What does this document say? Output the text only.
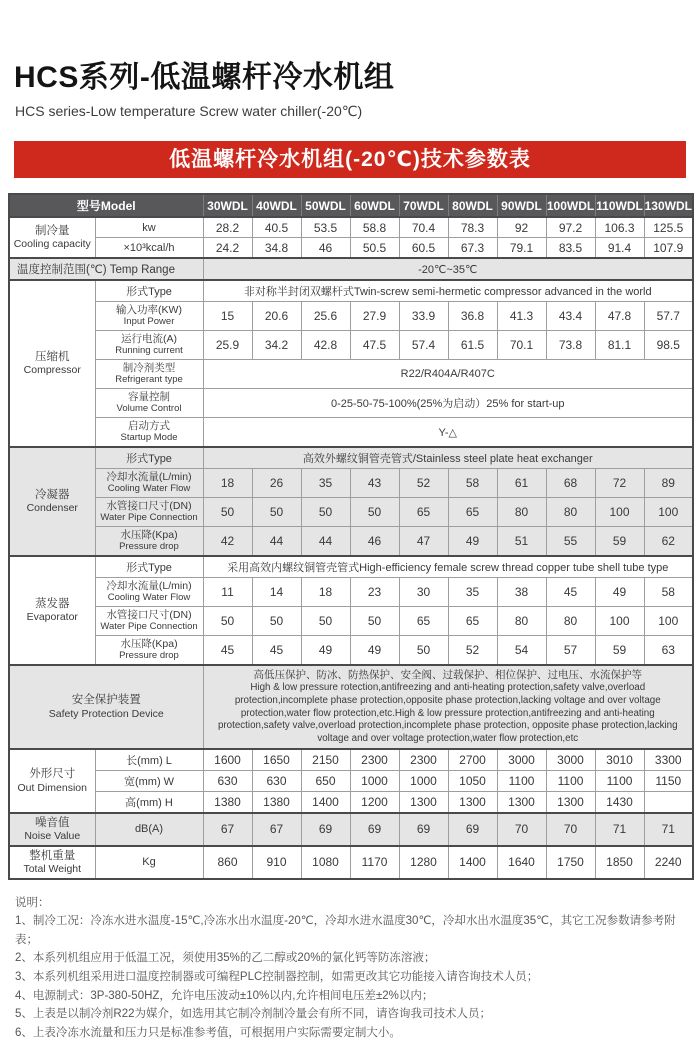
HCS系列-低温螺杆冷水机组
HCS series-Low temperature Screw water chiller(-20℃)
低温螺杆冷水机组(-20℃)技术参数表
型号Model		30WDL	40WDL	50WDL	60WDL	70WDL	80WDL	90WDL	100WDL	110WDL	130WDL

制冷量
Cooling capacity	kw	28.2	40.5	53.5	58.8	70.4	78.3	92	97.2	106.3	125.5
	×10³kcal/h	24.2	34.8	46	50.5	60.5	67.3	79.1	83.5	91.4	107.9
温度控制范围(℃) Temp Range		-20℃~35℃									

压缩机
Compressor	形式Type	非对称半封闭双螺杆式Twin-screw semi-hermetic compressor advanced in the world									

	输入功率(KW)
Input Power	15	20.6	25.6	27.9	33.9	36.8	41.3	43.4	47.8	57.7

	运行电流(A)
Running current	25.9	34.2	42.8	47.5	57.4	61.5	70.1	73.8	81.1	98.5

	制冷剂类型
Refrigerant type	R22/R404A/R407C									

	容量控制
Volume Control	0-25-50-75-100%(25%为启动）25% for start-up									

	启动方式
Startup Mode	Y-△									

冷凝器
Condenser	形式Type	高效外螺纹铜管壳管式/Stainless steel plate heat exchanger									

	冷却水流量(L/min)
Cooling Water Flow	18	26	35	43	52	58	61	68	72	89

	水管接口尺寸(DN)
Water Pipe Connection	50	50	50	50	65	65	80	80	100	100

	水压降(Kpa)
Pressure drop	42	44	44	46	47	49	51	55	59	62

蒸发器
Evaporator	形式Type	采用高效内螺纹铜管壳管式High-efficiency female screw thread copper tube shell tube type									

	冷却水流量(L/min)
Cooling Water Flow	11	14	18	23	30	35	38	45	49	58

	水管接口尺寸(DN)
Water Pipe Connection	50	50	50	50	65	65	80	80	100	100

	水压降(Kpa)
Pressure drop	45	45	49	49	50	52	54	57	59	63

安全保护装置
Safety Protection Device		高低压保护、防冰、防热保护、安全阀、过载保护、相位保护、过电压、水流保护等
High & low pressure rotection,antifreezing and anti-heating protection,safety valve,overload protection,incomplete phase protection,opposite phase protection,lacking voltage and over voltage protection,water flow protection,etc.High & low pressure protection,antifreezing and anti-heating protection,safety valve,overload protection,incomplete phase protection, opposite phase protection,lacking voltage and over voltage protection,water flow protection,etc									

外形尺寸
Out Dimension	长(mm) L	1600	1650	2150	2300	2300	2700	3000	3000	3010	3300
	宽(mm) W	630	630	650	1000	1000	1050	1100	1100	1100	1150
	高(mm) H	1380	1380	1400	1200	1300	1300	1300	1300	1430	

噪音值
Noise Value	dB(A)	67	67	69	69	69	69	70	70	71	71

整机重量
Total Weight	Kg	860	910	1080	1170	1280	1400	1640	1750	1850	2240
说明：
1、制冷工况：冷冻水进水温度-15℃,冷冻水出水温度-20℃，冷却水进水温度30℃，冷却水出水温度35℃，其它工况参数请参考附表；
2、本系列机组应用于低温工况，须使用35%的乙二醇或20%的氯化钙等防冻溶液；
3、本系列机组采用进口温度控制器或可编程PLC控制器控制，如需更改其它功能接入请咨询技术人员；
4、电源制式：3P-380-50HZ，允许电压波动±10%以内,允许相间电压差±2%以内；
5、上表是以制冷剂R22为媒介，如选用其它制冷剂制冷量会有所不同，请咨询我司技术人员；
6、上表冷冻水流量和压力只是标准参考值，可根据用户实际需要定制大小。
